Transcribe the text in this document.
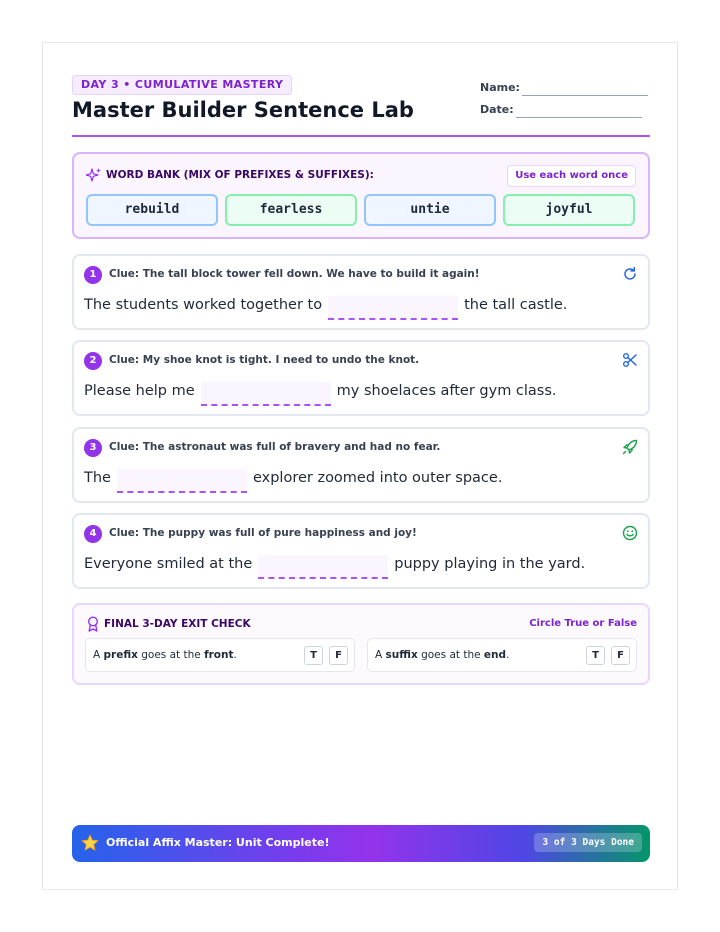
DAY 3 • CUMULATIVE MASTERY
Master Builder Sentence Lab
Name:
Date:
WORD BANK (MIX OF PREFIXES & SUFFIXES):	Use each word once
rebuild	fearless	untie	joyful
1	Clue: The tall block tower fell down. We have to build it again!
The students worked together to	the tall castle.
2	Clue: My shoe knot is tight. I need to undo the knot.
Please help me	my shoelaces after gym class.
3	Clue: The astronaut was full of bravery and had no fear.
The	explorer zoomed into outer space.
4	Clue: The puppy was full of pure happiness and joy!
Everyone smiled at the	puppy playing in the yard.
FINAL 3-DAY EXIT CHECK	Circle True or False
A prefix goes at the front.	T	F	A suffix goes at the end.	T	F
Official Affix Master: Unit Complete!	3 of 3 Days Done
